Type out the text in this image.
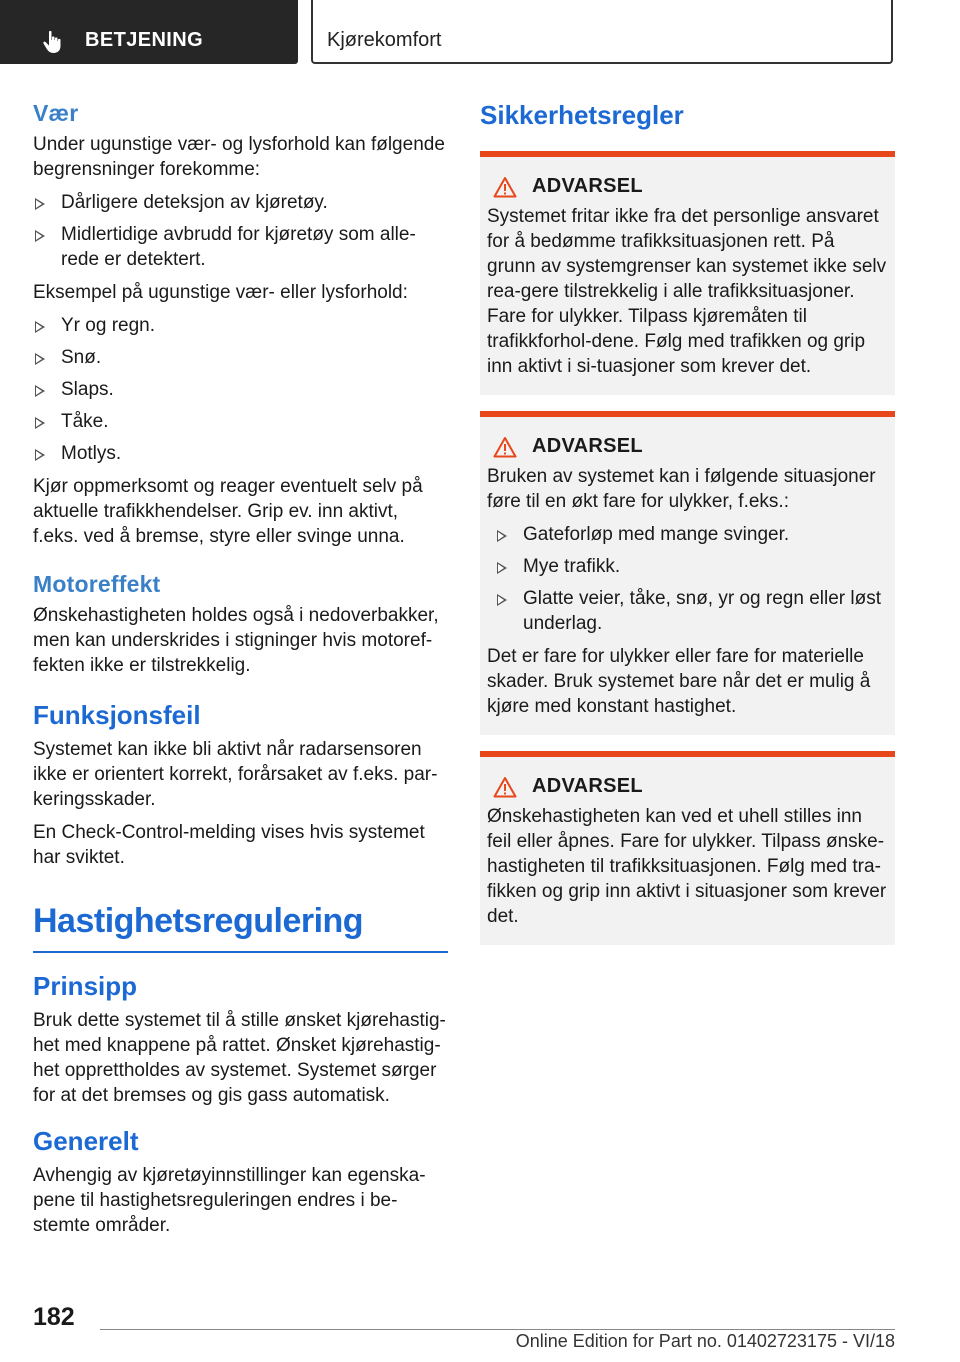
BETJENING	Kjørekomfort
Vær

Under ugunstige vær- og lysforhold kan følgende begrensninger forekomme:

Dårligere deteksjon av kjøretøy.
Midlertidige avbrudd for kjøretøy som alle-rede er detektert.

Eksempel på ugunstige vær- eller lysforhold:

Yr og regn.
Snø.
Slaps.
Tåke.
Motlys.

Kjør oppmerksomt og reager eventuelt selv på aktuelle trafikkhendelser. Grip ev. inn aktivt, f.eks. ved å bremse, styre eller svinge unna.

Motoreffekt

Ønskehastigheten holdes også i nedoverbakker, men kan underskrides i stigninger hvis motoref-fekten ikke er tilstrekkelig.

Funksjonsfeil

Systemet kan ikke bli aktivt når radarsensoren ikke er orientert korrekt, forårsaket av f.eks. par-keringsskader.

En Check-Control-melding vises hvis systemet har sviktet.

Hastighetsregulering
Prinsipp

Bruk dette systemet til å stille ønsket kjørehastig-het med knappene på rattet. Ønsket kjørehastig-het opprettholdes av systemet. Systemet sørger for at det bremses og gis gass automatisk.

Generelt

Avhengig av kjøretøyinnstillinger kan egenska-pene til hastighetsreguleringen endres i be-stemte områder.

Sikkerhetsregler
ADVARSEL

Systemet fritar ikke fra det personlige ansvaret for å bedømme trafikksituasjonen rett. På grunn av systemgrenser kan systemet ikke selv rea-gere tilstrekkelig i alle trafikksituasjoner. Fare for ulykker. Tilpass kjøremåten til trafikkforhol-dene. Følg med trafikken og grip inn aktivt i si-tuasjoner som krever det.

ADVARSEL

Bruken av systemet kan i følgende situasjoner føre til en økt fare for ulykker, f.eks.:

Gateforløp med mange svinger.
Mye trafikk.
Glatte veier, tåke, snø, yr og regn eller løst underlag.

Det er fare for ulykker eller fare for materielle skader. Bruk systemet bare når det er mulig å kjøre med konstant hastighet.

ADVARSEL

Ønskehastigheten kan ved et uhell stilles inn feil eller åpnes. Fare for ulykker. Tilpass ønske-hastigheten til trafikksituasjonen. Følg med tra-fikken og grip inn aktivt i situasjoner som krever det.

182
Online Edition for Part no. 01402723175 - VI/18
